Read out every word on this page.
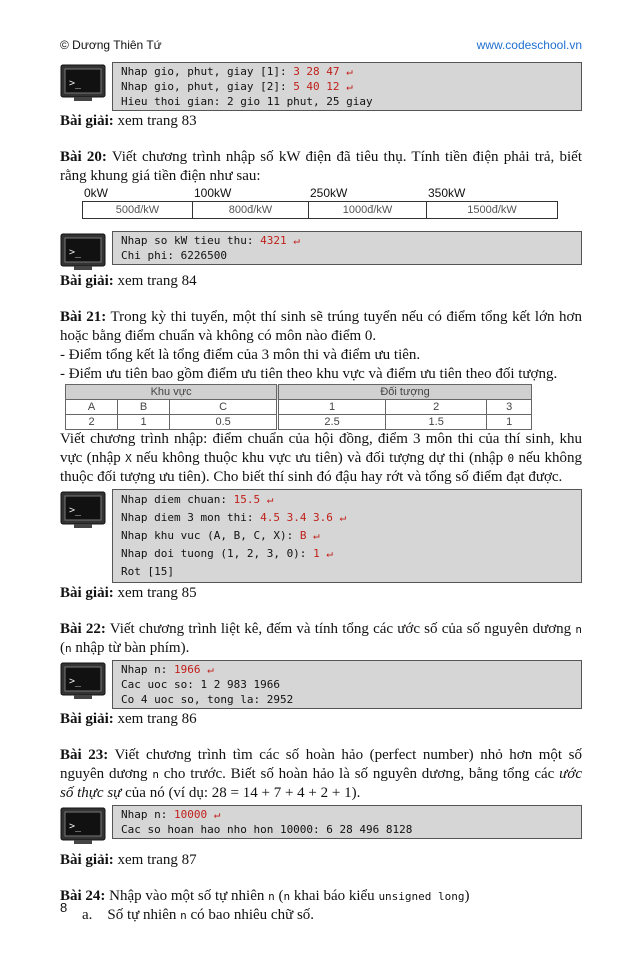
© Dương Thiên Tứ	www.codeschool.vn
>_
Nhap gio, phut, giay [1]: 3 28 47 ↵
Nhap gio, phut, giay [2]: 5 40 12 ↵
Hieu thoi gian: 2 gio 11 phut, 25 giay
Bài giải: xem trang 83
Bài 20: Viết chương trình nhập số kW điện đã tiêu thụ. Tính tiền điện phải trả, biết rằng khung giá tiền điện như sau:
0kW	100kW	250kW	350kW
500đ/kW	800đ/kW	1000đ/kW	1500đ/kW
>_
Nhap so kW tieu thu: 4321 ↵
Chi phi: 6226500
Bài giải: xem trang 84
Bài 21: Trong kỳ thi tuyển, một thí sinh sẽ trúng tuyển nếu có điểm tổng kết lớn hơn hoặc bằng điểm chuẩn và không có môn nào điểm 0.
- Điểm tổng kết là tổng điểm của 3 môn thi và điểm ưu tiên.
- Điểm ưu tiên bao gồm điểm ưu tiên theo khu vực và điểm ưu tiên theo đối tượng.
Khu vực			Đối tượng		
A	B	C	1	2	3
2	1	0.5	2.5	1.5	1
Viết chương trình nhập: điểm chuẩn của hội đồng, điểm 3 môn thi của thí sinh, khu vực (nhập X nếu không thuộc khu vực ưu tiên) và đối tượng dự thi (nhập 0 nếu không thuộc đối tượng ưu tiên). Cho biết thí sinh đó đậu hay rớt và tổng số điểm đạt được.
>_
Nhap diem chuan: 15.5 ↵
Nhap diem 3 mon thi: 4.5 3.4 3.6 ↵
Nhap khu vuc (A, B, C, X): B ↵
Nhap doi tuong (1, 2, 3, 0): 1 ↵
Rot [15]
Bài giải: xem trang 85
Bài 22: Viết chương trình liệt kê, đếm và tính tổng các ước số của số nguyên dương n (n nhập từ bàn phím).
>_
Nhap n: 1966 ↵
Cac uoc so: 1 2 983 1966
Co 4 uoc so, tong la: 2952
Bài giải: xem trang 86
Bài 23: Viết chương trình tìm các số hoàn hảo (perfect number) nhỏ hơn một số nguyên dương n cho trước. Biết số hoàn hảo là số nguyên dương, bằng tổng các ước số thực sự của nó (ví dụ: 28 = 14 + 7 + 4 + 2 + 1).
>_
Nhap n: 10000 ↵
Cac so hoan hao nho hon 10000: 6 28 496 8128
Bài giải: xem trang 87
Bài 24: Nhập vào một số tự nhiên n (n khai báo kiểu unsigned long)
a. Số tự nhiên n có bao nhiêu chữ số.
8
